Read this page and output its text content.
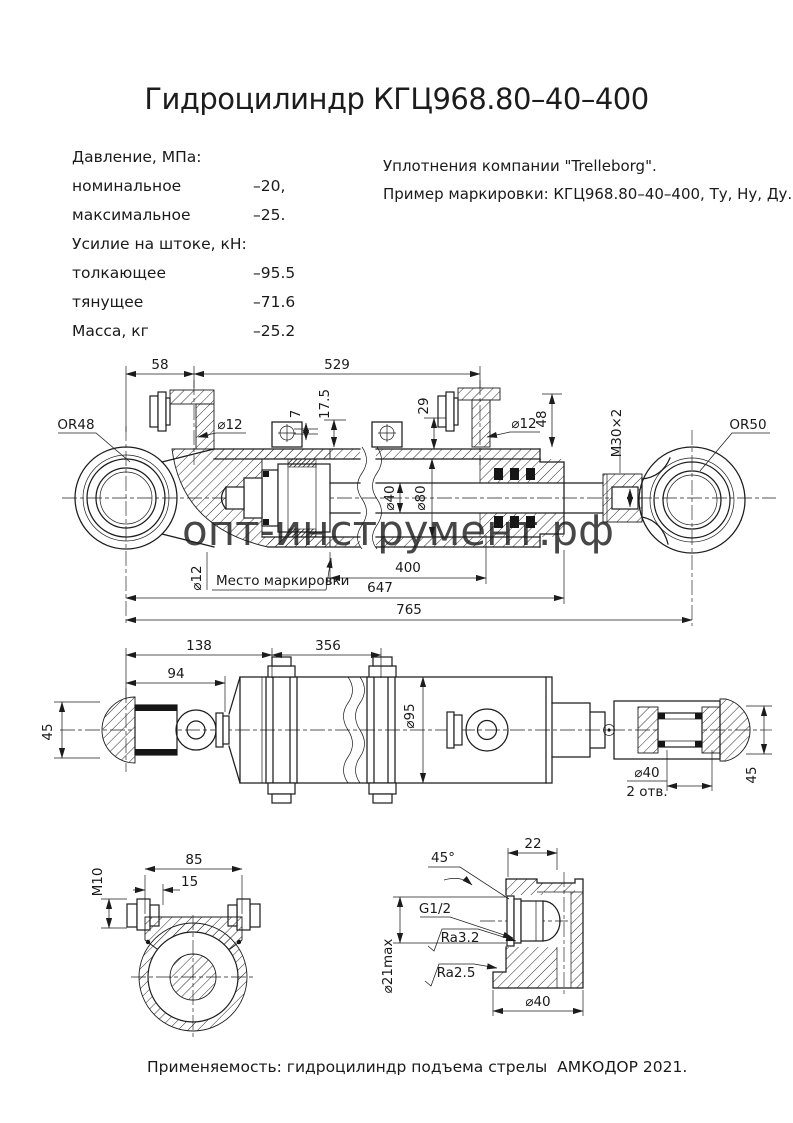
Гидроцилиндр КГЦ968.80–40–400
Давление, МПа:
номинальное	–20,
максимальное	–25.
Усилие на штоке, кН:
толкающее	–95.5
тянущее	–71.6
Масса, кг	–25.2
Уплотнения компании "Trelleborg".
Пример маркировки: КГЦ968.80–40–400, Ту, Ну, Ду.
58	529
7 17.5	29
48
⌀12	⌀12	M30×2
OR48	OR50
⌀40 ⌀80
⌀12 Место маркировки
400
647
765
опт-инструмент.рф
138	356
94
⌀95
45
45
⌀40
2 отв.
85
15
M10
22
45°
G1/2
Ra3.2
Ra2.5
⌀21max
⌀40
Применяемость: гидроцилиндр подъема стрелы  АМКОДОР 2021.
